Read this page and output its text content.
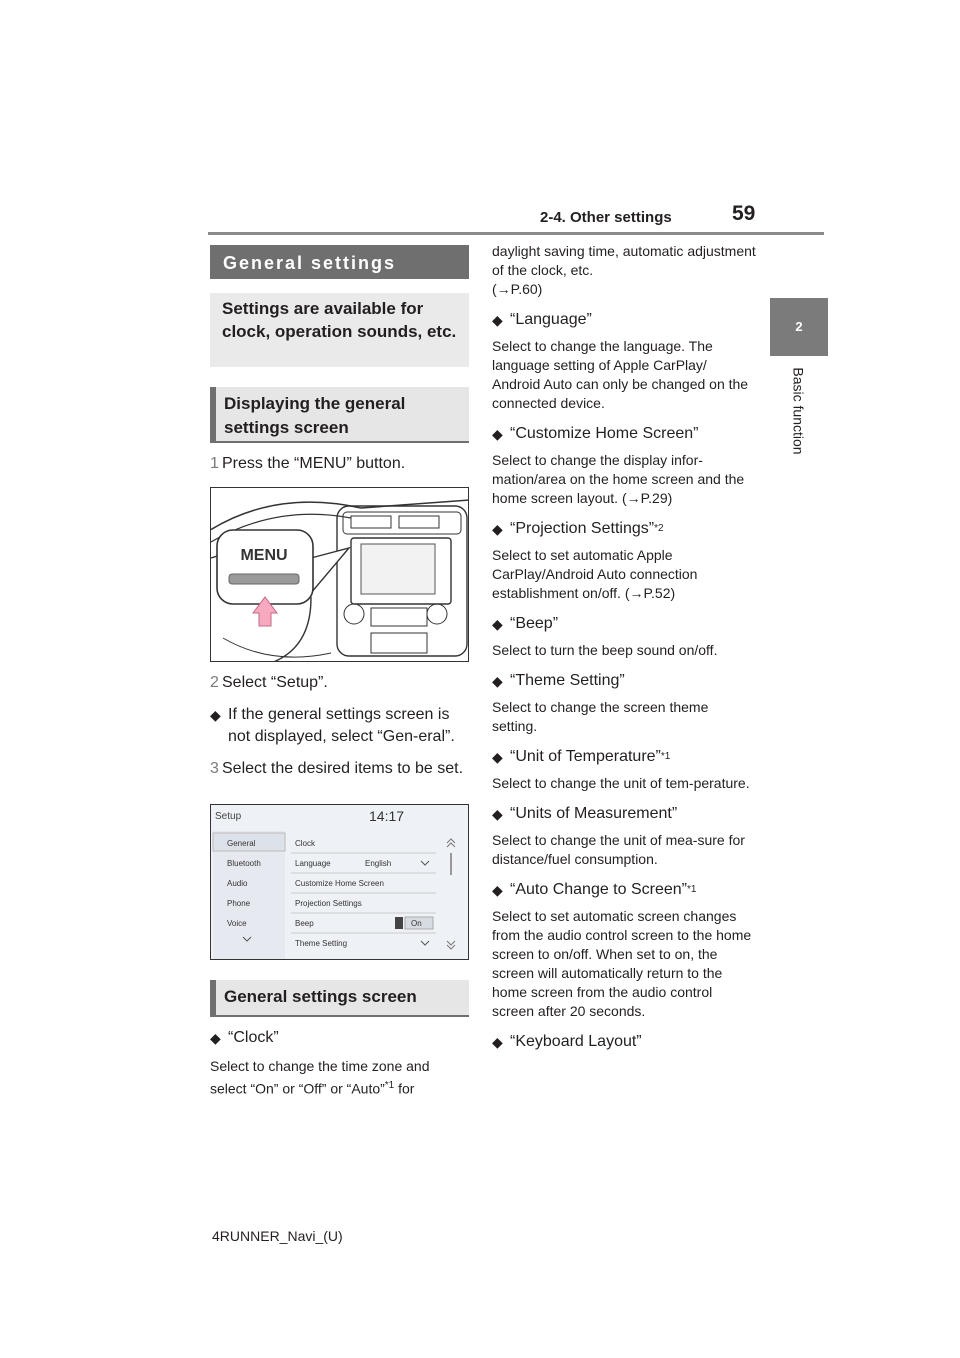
2-4. Other settings	59
2
Basic function
General settings
Settings are available for clock, operation sounds, etc.
Displaying the general settings screen
1 Press the “MENU” button.
MENU
2 Select “Setup”.
◆ If the general settings screen is not displayed, select “Gen-eral”.
3 Select the desired items to be set.
Setup	14:17
General
Bluetooth
Audio
Phone
Voice
Clock
Language	English
Customize Home Screen
Projection Settings
Beep	On
Theme Setting
General settings screen
◆ “Clock”
Select to change the time zone and select “On” or “Off” or “Auto”$^{*1}$ for
daylight saving time, automatic adjustment of the clock, etc.
(→P.60)
◆ “Language”
Select to change the language. The language setting of Apple CarPlay/ Android Auto can only be changed on the connected device.
◆ “Customize Home Screen”
Select to change the display infor-mation/area on the home screen and the home screen layout. (→P.29)
◆ “Projection Settings” *2
Select to set automatic Apple CarPlay/Android Auto connection establishment on/off. (→P.52)
◆ “Beep”
Select to turn the beep sound on/off.
◆ “Theme Setting”
Select to change the screen theme setting.
◆ “Unit of Temperature” *1
Select to change the unit of tem-perature.
◆ “Units of Measurement”
Select to change the unit of mea-sure for distance/fuel consumption.
◆ “Auto Change to Screen” *1
Select to set automatic screen changes from the audio control screen to the home screen to on/off. When set to on, the screen will automatically return to the home screen from the audio control screen after 20 seconds.
◆ “Keyboard Layout”
4RUNNER_Navi_(U)
